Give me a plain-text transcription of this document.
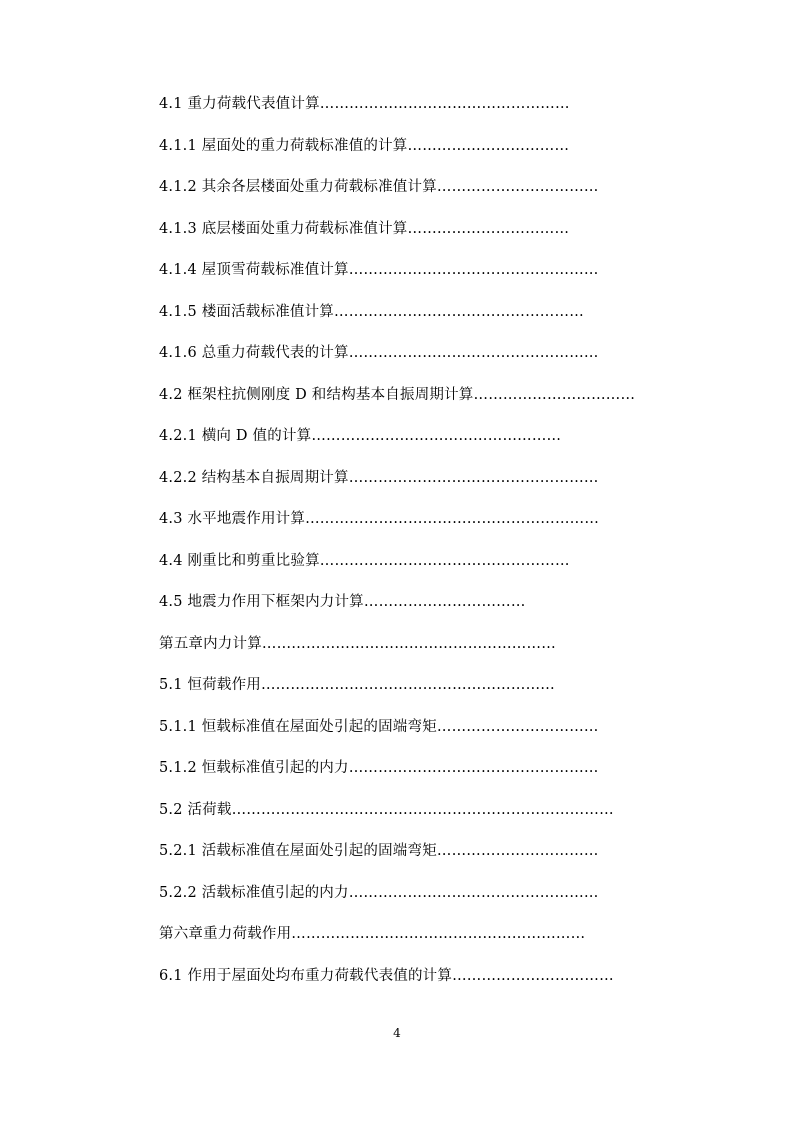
4.1 重力荷载代表值计算……………………………………………
4.1.1 屋面处的重力荷载标准值的计算……………………………
4.1.2 其余各层楼面处重力荷载标准值计算……………………………
4.1.3 底层楼面处重力荷载标准值计算……………………………
4.1.4 屋顶雪荷载标准值计算……………………………………………
4.1.5 楼面活载标准值计算……………………………………………
4.1.6 总重力荷载代表的计算……………………………………………
4.2 框架柱抗侧刚度 D 和结构基本自振周期计算……………………………
4.2.1 横向 D 值的计算……………………………………………
4.2.2 结构基本自振周期计算……………………………………………
4.3 水平地震作用计算……………………………………………………
4.4 刚重比和剪重比验算……………………………………………
4.5 地震力作用下框架内力计算……………………………
第五章内力计算……………………………………………………
5.1 恒荷载作用……………………………………………………
5.1.1 恒载标准值在屋面处引起的固端弯矩……………………………
5.1.2 恒载标准值引起的内力……………………………………………
5.2 活荷载……………………………………………………………………
5.2.1 活载标准值在屋面处引起的固端弯矩……………………………
5.2.2 活载标准值引起的内力……………………………………………
第六章重力荷载作用……………………………………………………
6.1 作用于屋面处均布重力荷载代表值的计算……………………………
4
